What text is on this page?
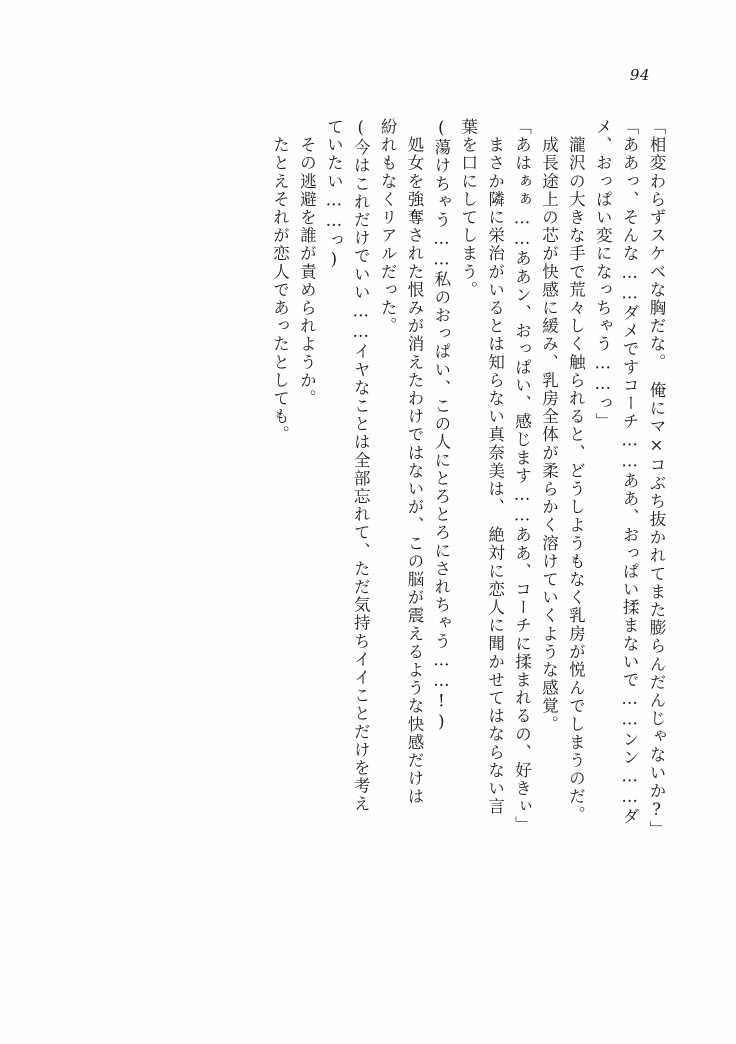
94
「相変わらずスケベな胸だな。　俺にマ×コぶち抜かれてまた膨らんだんじゃないか?」
「ああっ、そんな……ダメですコーチ……ああ、おっぱい揉まないで……ンン……ダ
メ、おっぱい変になっちゃう……っ」
　瀧沢の大きな手で荒々しく触られると、どうしようもなく乳房が悦んでしまうのだ。
　成長途上の芯が快感に緩み、乳房全体が柔らかく溶けていくような感覚。
「あはぁぁ……ああン、おっぱい、感じます……ああ、コーチに揉まれるの、好きぃ」
　まさか隣に栄治がいるとは知らない真奈美は、　絶対に恋人に聞かせてはならない言
葉を口にしてしまう。
(蕩けちゃう……私のおっぱい、この人にとろとろにされちゃう……!)
　処女を強奪された恨みが消えたわけではないが、この脳が震えるような快感だけは
紛れもなくリアルだった。
(今はこれだけでいい……イヤなことは全部忘れて、ただ気持ちイイことだけを考え
ていたい……っ)
　その逃避を誰が責められようか。
　たとえそれが恋人であったとしても。
